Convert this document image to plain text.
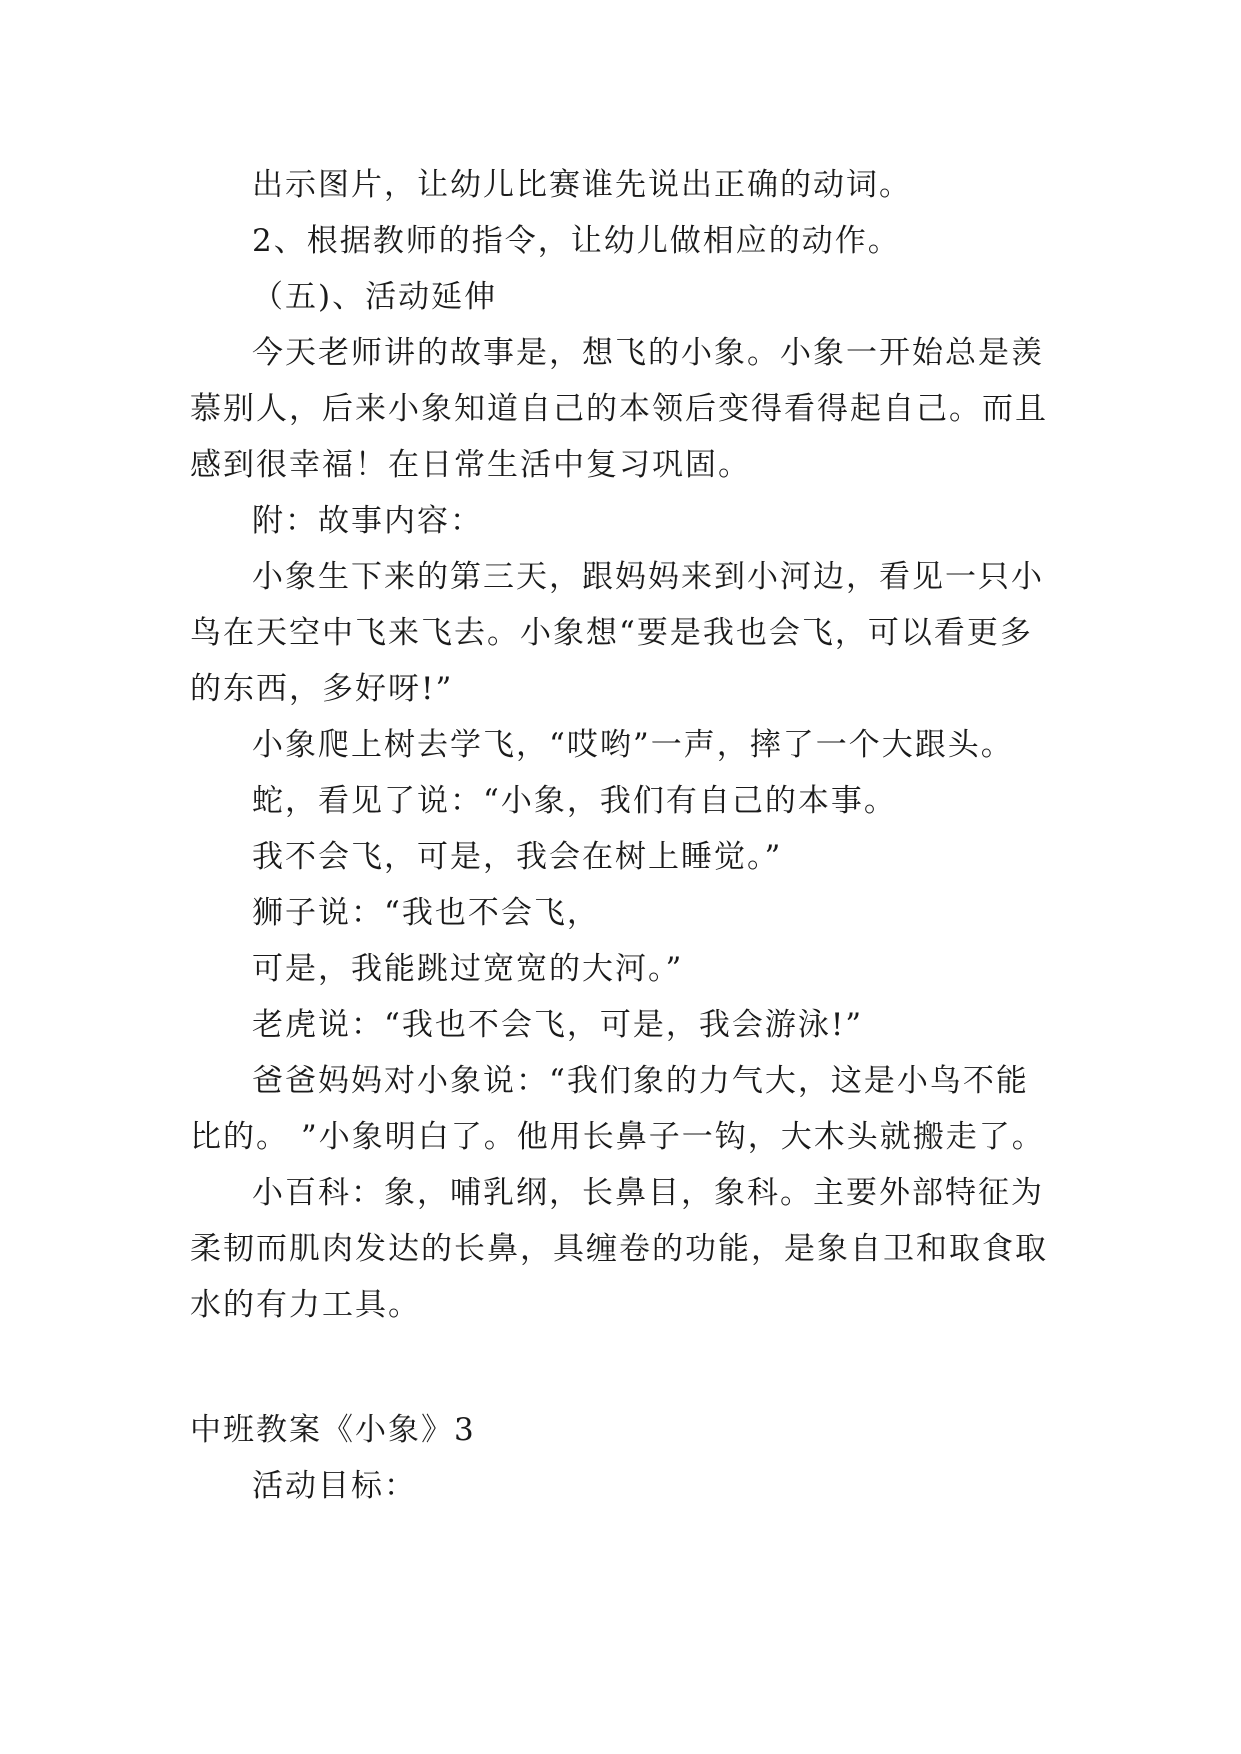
出示图片，让幼儿比赛谁先说出正确的动词。

2、根据教师的指令，让幼儿做相应的动作。

（五)、活动延伸

今天老师讲的故事是，想飞的小象。小象一开始总是羡慕别人，后来小象知道自己的本领后变得看得起自己。而且感到很幸福！在日常生活中复习巩固。

附：故事内容：

小象生下来的第三天，跟妈妈来到小河边，看见一只小鸟在天空中飞来飞去。小象想“要是我也会飞，可以看更多的东西，多好呀!”

小象爬上树去学飞，“哎哟”一声，摔了一个大跟头。

蛇，看见了说：“小象，我们有自己的本事。

我不会飞，可是，我会在树上睡觉。”

狮子说：“我也不会飞，

可是，我能跳过宽宽的大河。”

老虎说：“我也不会飞，可是，我会游泳!”

爸爸妈妈对小象说：“我们象的力气大，这是小鸟不能比的。 ”小象明白了。他用长鼻子一钩，大木头就搬走了。

小百科：象，哺乳纲，长鼻目，象科。主要外部特征为柔韧而肌肉发达的长鼻，具缠卷的功能，是象自卫和取食取水的有力工具。

中班教案《小象》3

活动目标：
